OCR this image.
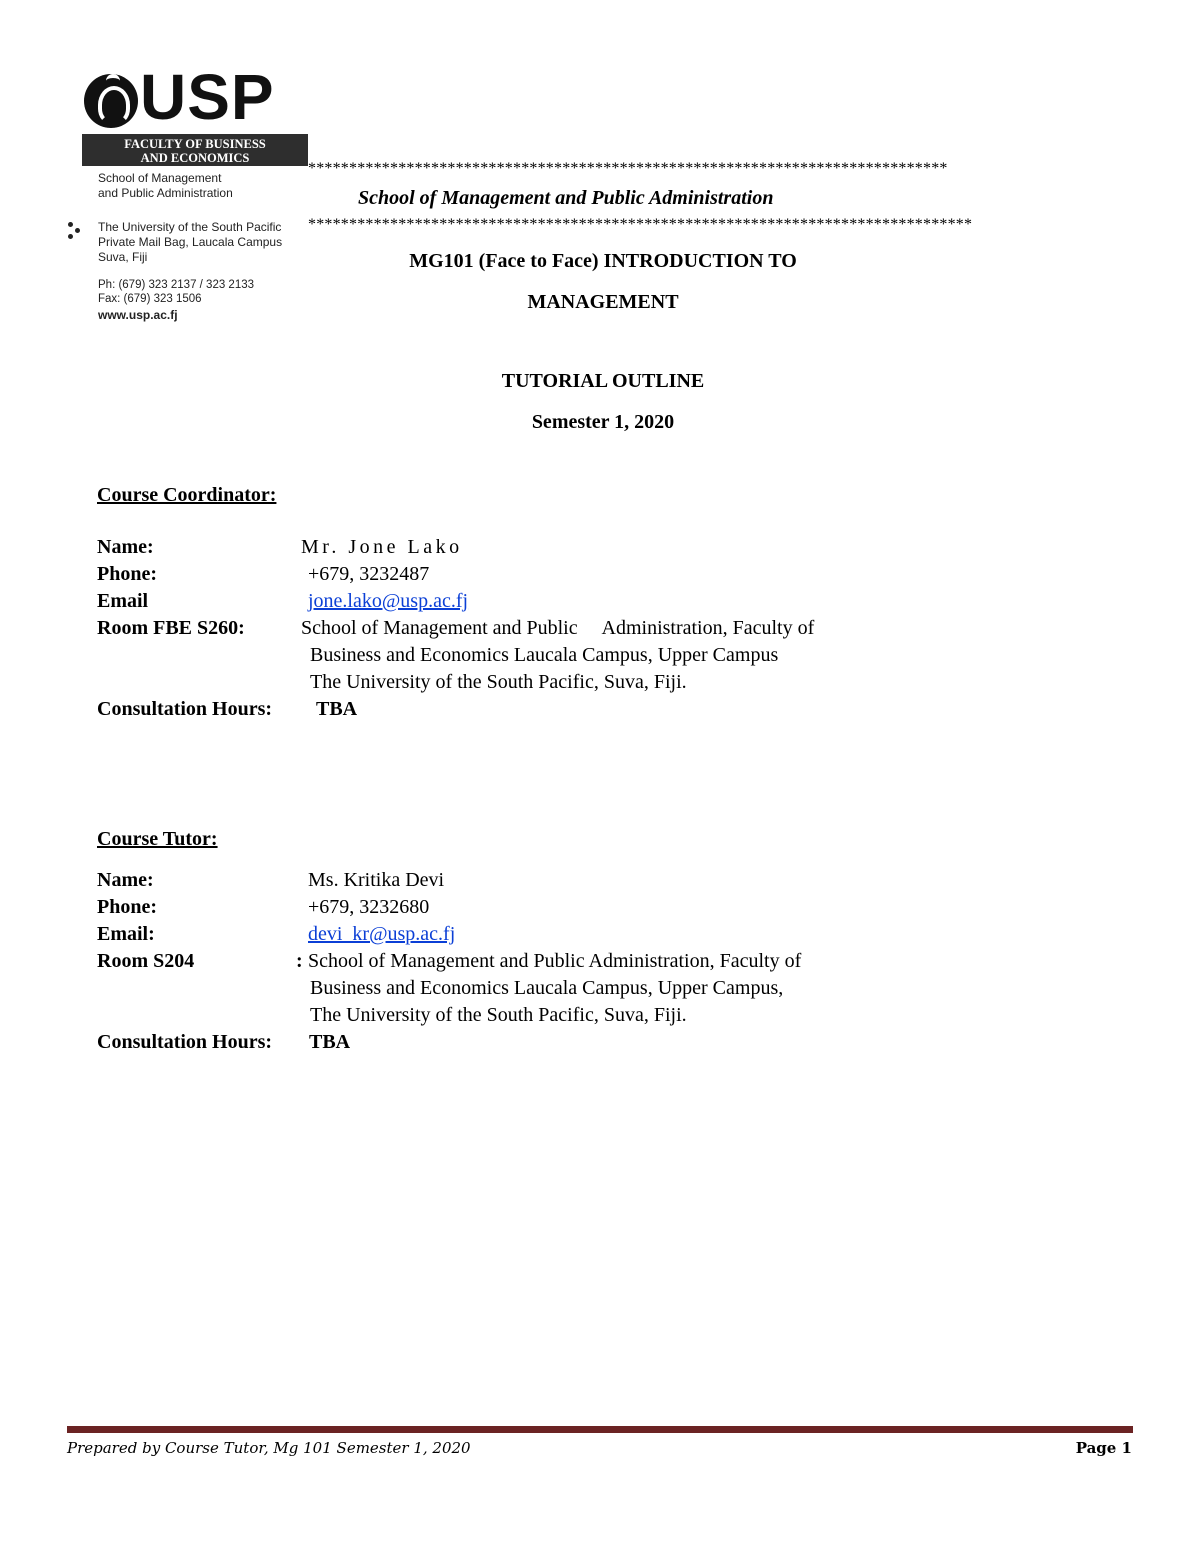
USP
FACULTY OF BUSINESS
AND ECONOMICS
School of Management
and Public Administration
The University of the South Pacific
Private Mail Bag, Laucala Campus
Suva, Fiji
Ph: (679) 323 2137 / 323 2133
Fax: (679) 323 1506
www.usp.ac.fj
******************************************************************************
School of Management and Public Administration
*********************************************************************************
MG101 (Face to Face) INTRODUCTION TO
MANAGEMENT
TUTORIAL OUTLINE
Semester 1, 2020
Course Coordinator:
Name:	Mr. Jone Lako
Phone:	+679, 3232487
Email	jone.lako@usp.ac.fj
Room FBE S260:	School of Management and Public     Administration, Faculty of
Business and Economics Laucala Campus, Upper Campus
The University of the South Pacific, Suva, Fiji.
Consultation Hours: TBA
Course Tutor:
Name:	Ms. Kritika Devi
Phone:	+679, 3232680
Email:	devi_kr@usp.ac.fj
Room S204	: School of Management and Public Administration, Faculty of
Business and Economics Laucala Campus, Upper Campus,
The University of the South Pacific, Suva, Fiji.
Consultation Hours: TBA
Prepared by Course Tutor, Mg 101 Semester 1, 2020	Page 1
